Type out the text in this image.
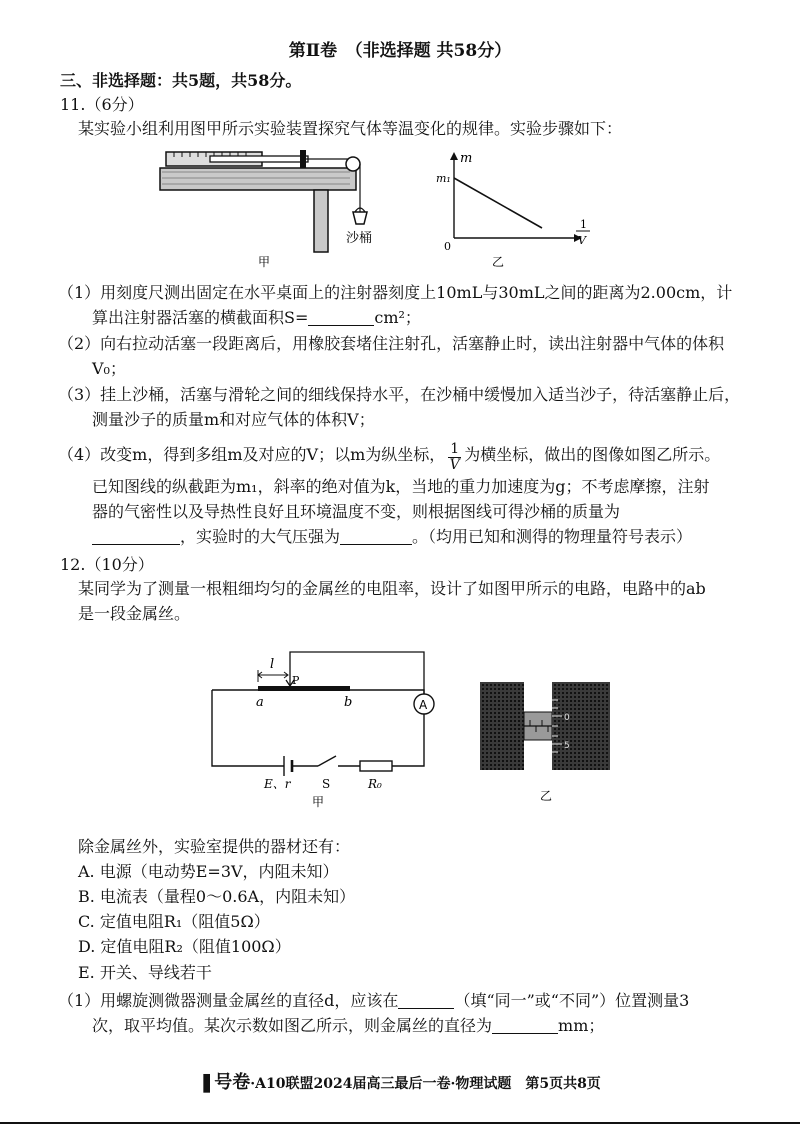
第Ⅱ卷　（非选择题 共58分）
三、非选择题：共5题，共58分。
11.（6分）
某实验小组利用图甲所示实验装置探究气体等温变化的规律。实验步骤如下：
沙桶
甲
m
m₁
0
1
V
乙
（1）用刻度尺测出固定在水平桌面上的注射器刻度上10mL与30mL之间的距离为2.00cm，计
算出注射器活塞的横截面积S=	cm²；
（2）向右拉动活塞一段距离后，用橡胶套堵住注射孔，活塞静止时，读出注射器中气体的体积
V₀；
（3）挂上沙桶，活塞与滑轮之间的细线保持水平，在沙桶中缓慢加入适当沙子，待活塞静止后，
测量沙子的质量m和对应气体的体积V；
（4）改变m，得到多组m及对应的V；以m为纵坐标， $\frac{1}{V}$ 为横坐标，做出的图像如图乙所示。
已知图线的纵截距为m₁，斜率的绝对值为k，当地的重力加速度为g；不考虑摩擦，注射
器的气密性以及导热性良好且环境温度不变，则根据图线可得沙桶的质量为
，实验时的大气压强为	。（均用已知和测得的物理量符号表示）
12.（10分）
某同学为了测量一根粗细均匀的金属丝的电阻率，设计了如图甲所示的电路，电路中的ab
是一段金属丝。
l
P
a	b	A
E、r	S	R₀
甲
0
5
乙
除金属丝外，实验室提供的器材还有：
A. 电源（电动势E=3V，内阻未知）
B. 电流表（量程0～0.6A，内阻未知）
C. 定值电阻R₁（阻值5Ω）
D. 定值电阻R₂（阻值100Ω）
E. 开关、导线若干
（1）用螺旋测微器测量金属丝的直径d，应该在	（填“同一”或“不同”）位置测量3
次，取平均值。某次示数如图乙所示，则金属丝的直径为	mm；
❚号卷·A10联盟2024届高三最后一卷·物理试题　第5页共8页
